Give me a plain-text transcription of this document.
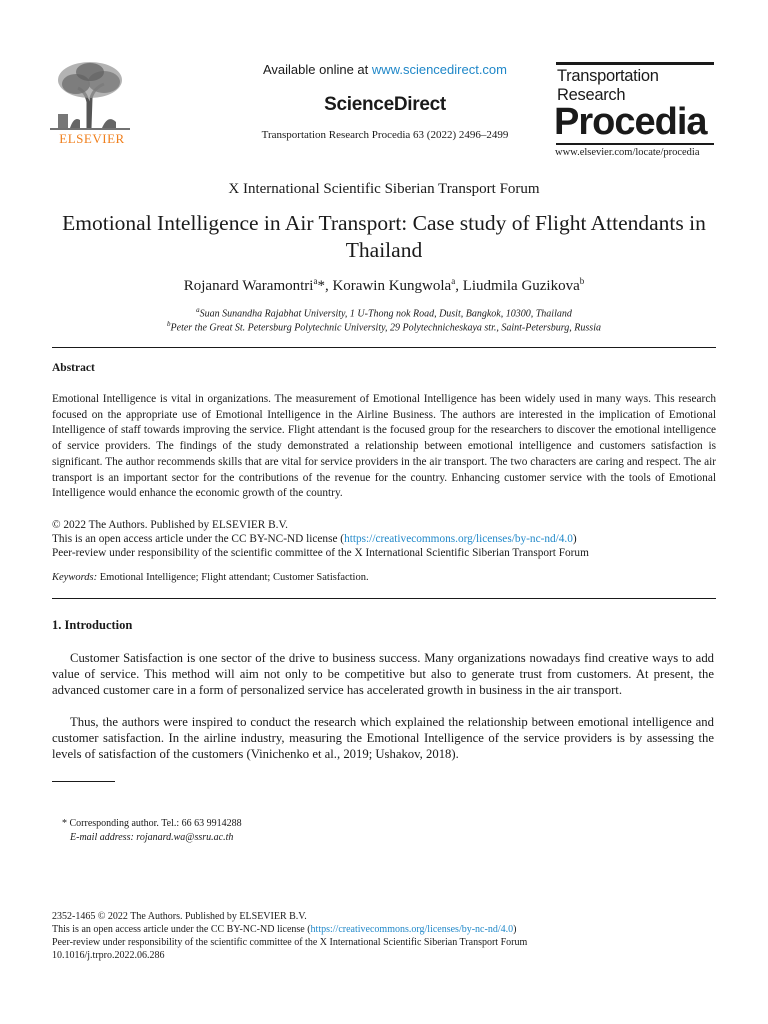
ELSEVIER
Available online at www.sciencedirect.com
ScienceDirect
Transportation Research Procedia 63 (2022) 2496–2499
Transportation
Research
Procedia
www.elsevier.com/locate/procedia
X International Scientific Siberian Transport Forum
Emotional Intelligence in Air Transport: Case study of Flight Attendants in Thailand
Rojanard Waramontri$^a$*, Korawin Kungwola$^a$, Liudmila Guzikova$^b$
$^a$Suan Sunandha Rajabhat University, 1 U-Thong nok Road, Dusit, Bangkok, 10300, Thailand
$^b$Peter the Great St. Petersburg Polytechnic University, 29 Polytechnicheskaya str., Saint-Petersburg, Russia
Abstract
Emotional Intelligence is vital in organizations. The measurement of Emotional Intelligence has been widely used in many ways. This research focused on the appropriate use of Emotional Intelligence in the Airline Business. The authors are interested in the implication of Emotional Intelligence of staff towards improving the service. Flight attendant is the focused group for the researchers to discover the emotional intelligence of service providers. The findings of the study demonstrated a relationship between emotional intelligence and customers satisfaction is significant. The author recommends skills that are vital for service providers in the air transport. The two characters are caring and respect. The air transport is an important sector for the contributions of the revenue for the country. Enhancing customer service with the tools of Emotional Intelligence would enhance the economic growth of the country.
© 2022 The Authors. Published by ELSEVIER B.V.
This is an open access article under the CC BY-NC-ND license (https://creativecommons.org/licenses/by-nc-nd/4.0)
Peer-review under responsibility of the scientific committee of the X International Scientific Siberian Transport Forum
Keywords: Emotional Intelligence; Flight attendant; Customer Satisfaction.
1. Introduction
Customer Satisfaction is one sector of the drive to business success. Many organizations nowadays find creative ways to add value of service. This method will aim not only to be competitive but also to generate trust from customers. At present, the advanced customer care in a form of personalized service has accelerated growth in business in the air transport.
Thus, the authors were inspired to conduct the research which explained the relationship between emotional intelligence and customer satisfaction. In the airline industry, measuring the Emotional Intelligence of the service providers is by assessing the levels of satisfaction of the customers (Vinichenko et al., 2019; Ushakov, 2018).
* Corresponding author. Tel.: 66 63 9914288
E-mail address: rojanard.wa@ssru.ac.th
2352-1465 © 2022 The Authors. Published by ELSEVIER B.V.
This is an open access article under the CC BY-NC-ND license (https://creativecommons.org/licenses/by-nc-nd/4.0)
Peer-review under responsibility of the scientific committee of the X International Scientific Siberian Transport Forum
10.1016/j.trpro.2022.06.286
